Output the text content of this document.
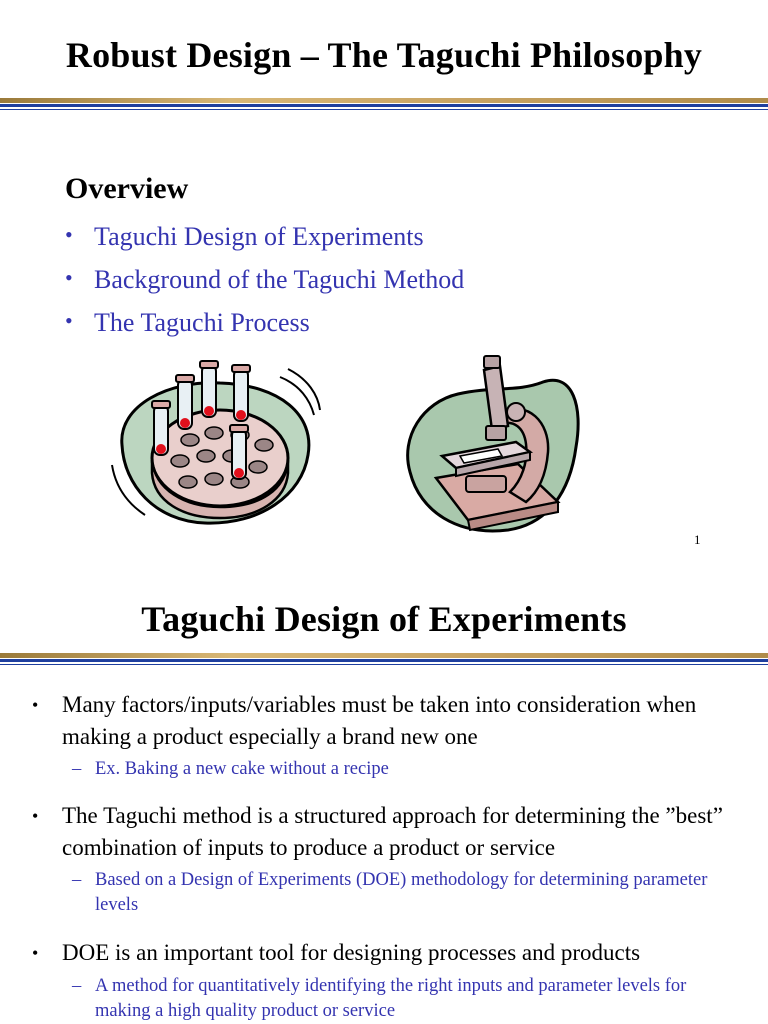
Robust Design – The Taguchi Philosophy
Overview
• Taguchi Design of Experiments
• Background of the Taguchi Method
• The Taguchi Process
1
Taguchi Design of Experiments
• Many factors/inputs/variables must be taken into consideration when making a product especially a brand new one
– Ex. Baking a new cake without a recipe
• The Taguchi method is a structured approach for determining the ”best” combination of inputs to produce a product or service
– Based on a Design of Experiments (DOE) methodology for determining parameter levels
• DOE is an important tool for designing processes and products
– A method for quantitatively identifying the right inputs and parameter levels for making a high quality product or service
